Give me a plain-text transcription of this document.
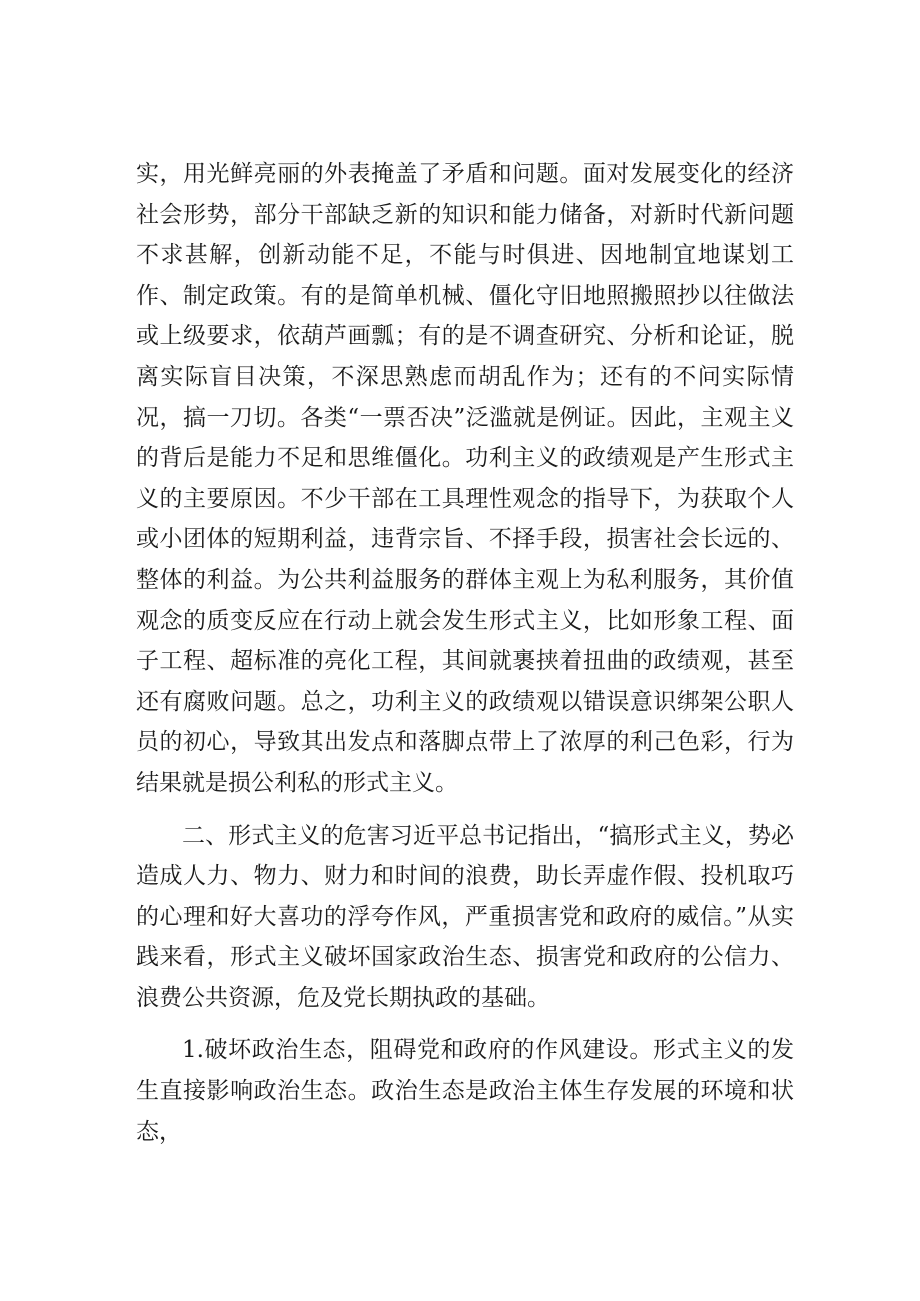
实，用光鲜亮丽的外表掩盖了矛盾和问题。面对发展变化的经济社会形势，部分干部缺乏新的知识和能力储备，对新时代新问题不求甚解，创新动能不足，不能与时俱进、因地制宜地谋划工作、制定政策。有的是简单机械、僵化守旧地照搬照抄以往做法或上级要求，依葫芦画瓢；有的是不调查研究、分析和论证，脱离实际盲目决策，不深思熟虑而胡乱作为；还有的不问实际情况，搞一刀切。各类“一票否决”泛滥就是例证。因此，主观主义的背后是能力不足和思维僵化。功利主义的政绩观是产生形式主义的主要原因。不少干部在工具理性观念的指导下，为获取个人或小团体的短期利益，违背宗旨、不择手段，损害社会长远的、整体的利益。为公共利益服务的群体主观上为私利服务，其价值观念的质变反应在行动上就会发生形式主义，比如形象工程、面子工程、超标准的亮化工程，其间就裹挟着扭曲的政绩观，甚至还有腐败问题。总之，功利主义的政绩观以错误意识绑架公职人员的初心，导致其出发点和落脚点带上了浓厚的利己色彩，行为结果就是损公利私的形式主义。

二、形式主义的危害习近平总书记指出，“搞形式主义，势必造成人力、物力、财力和时间的浪费，助长弄虚作假、投机取巧的心理和好大喜功的浮夸作风，严重损害党和政府的威信。”从实践来看，形式主义破坏国家政治生态、损害党和政府的公信力、浪费公共资源，危及党长期执政的基础。

1.破坏政治生态，阻碍党和政府的作风建设。形式主义的发生直接影响政治生态。政治生态是政治主体生存发展的环境和状态，
